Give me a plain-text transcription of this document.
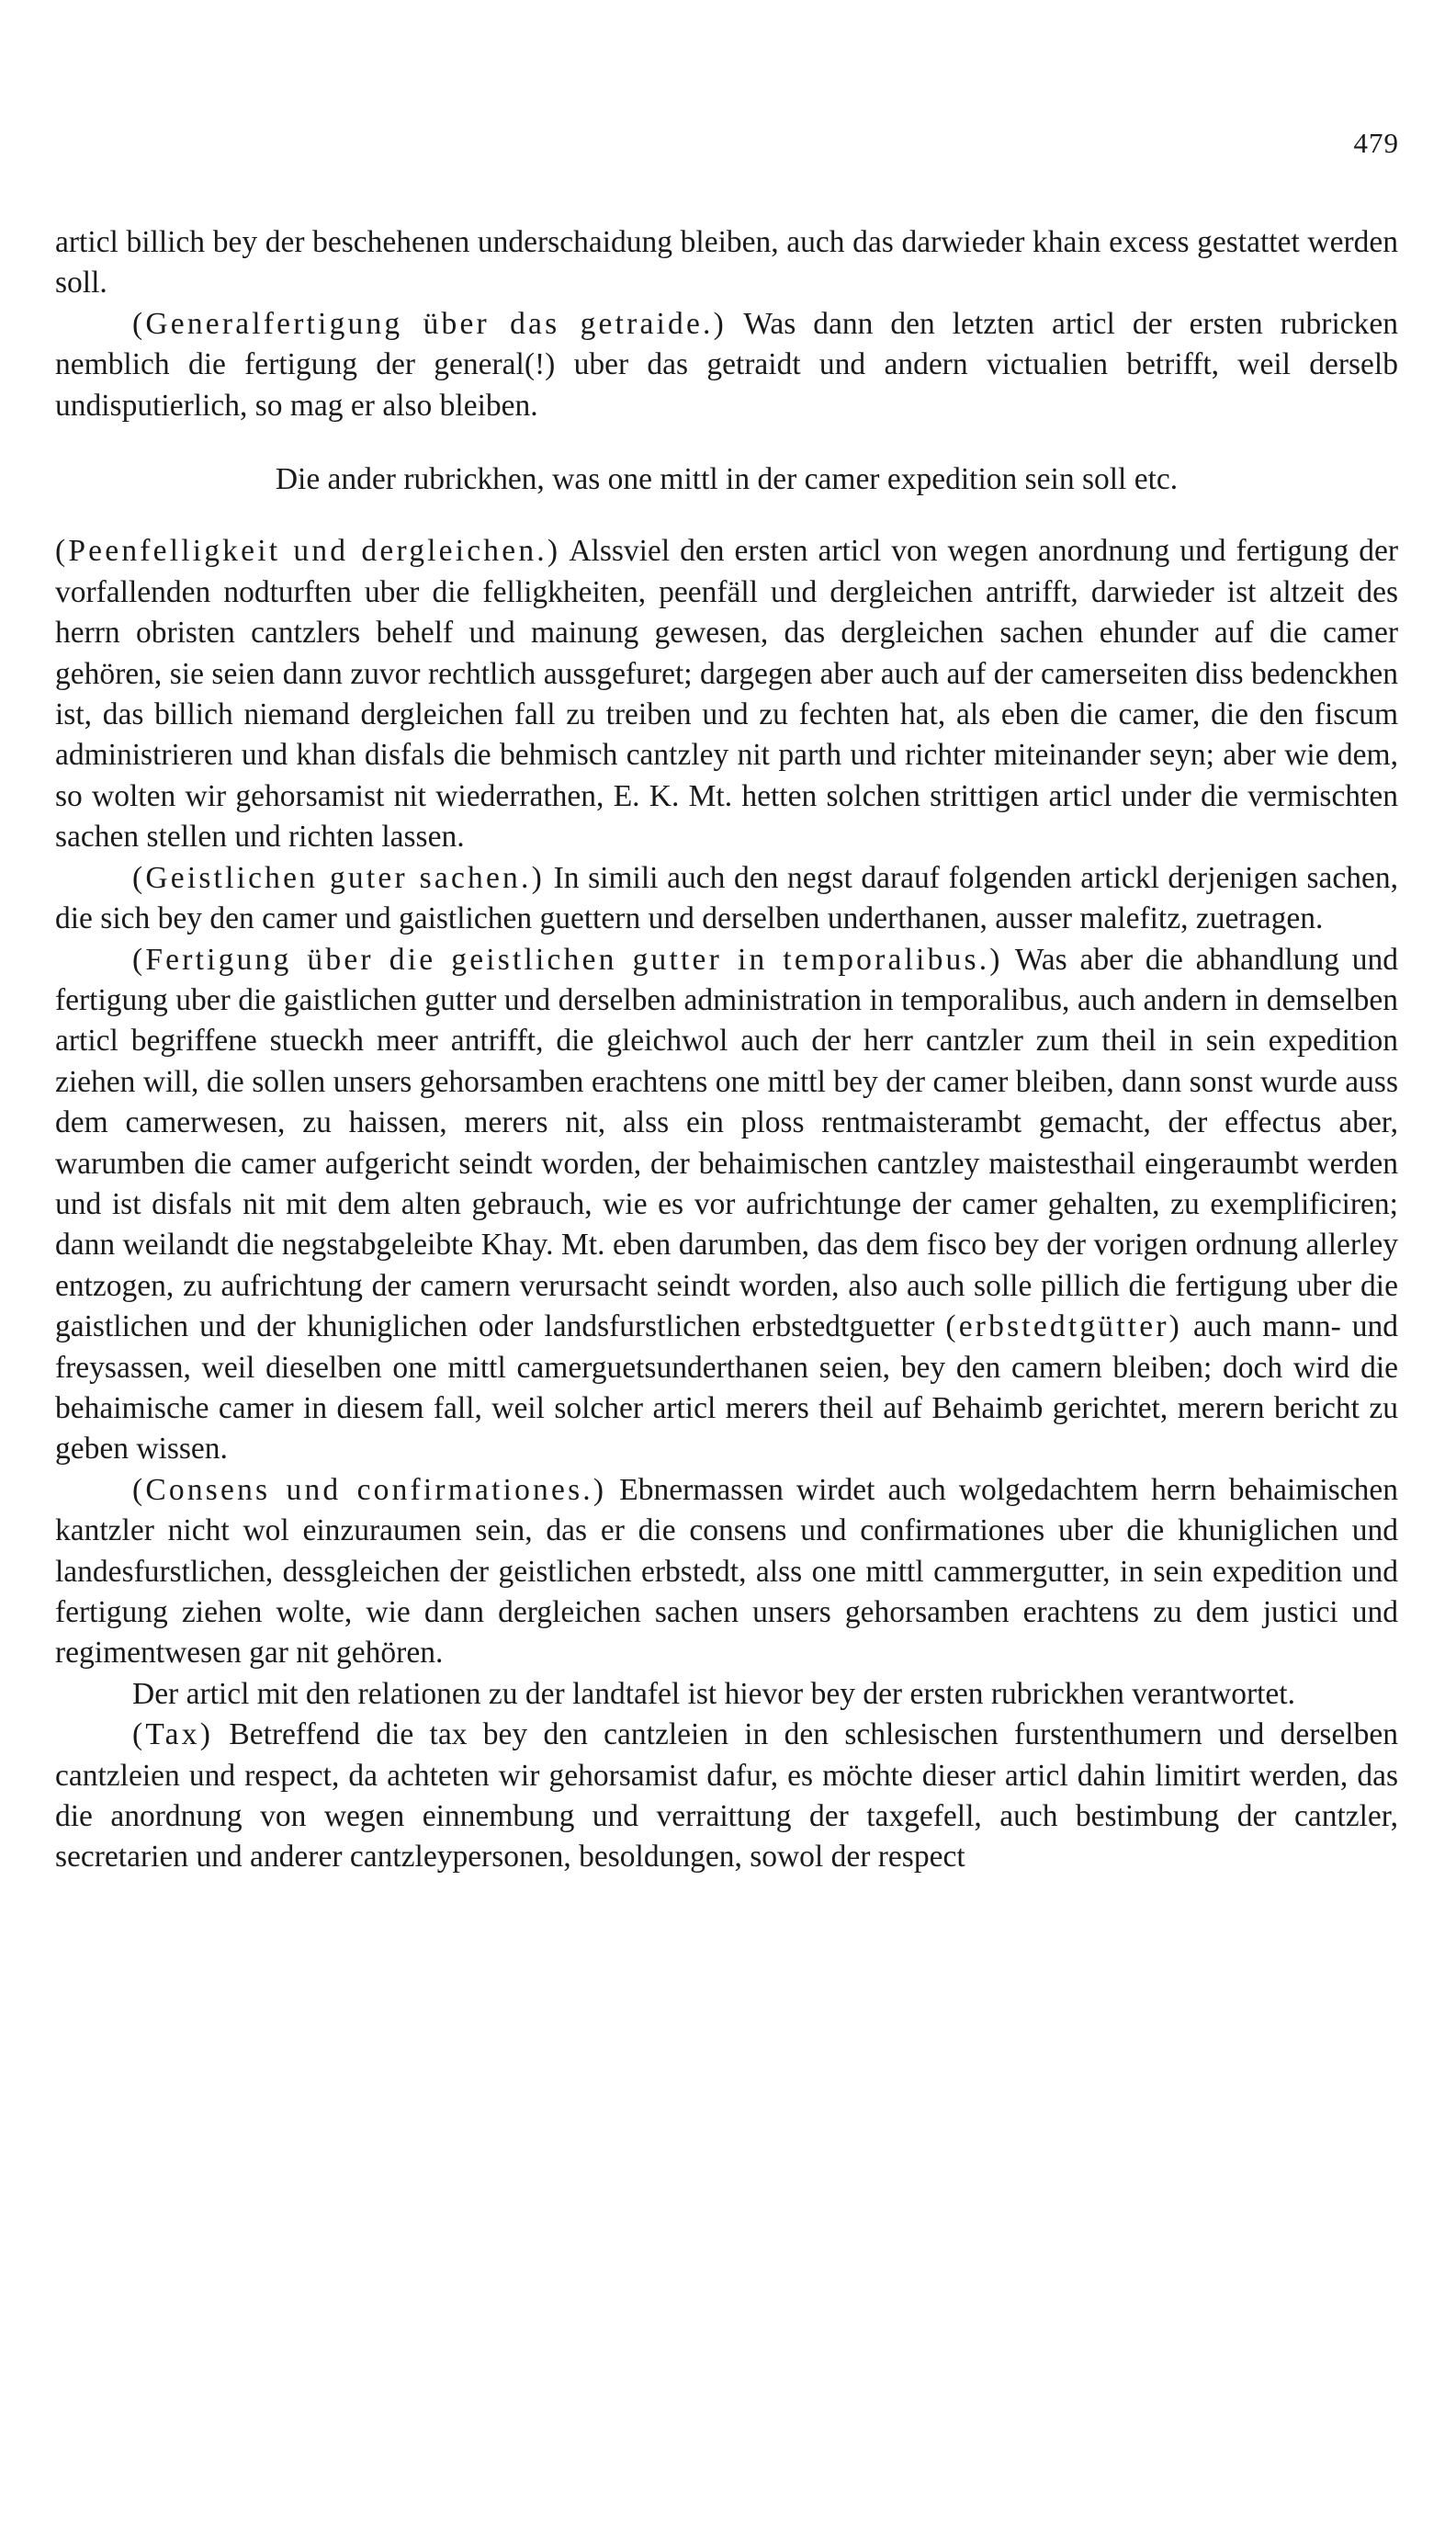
479

articl billich bey der beschehenen underschaidung bleiben, auch das darwieder khain excess gestattet werden soll.

(Generalfertigung über das getraide.) Was dann den letzten articl der ersten rubricken nemblich die fertigung der general(!) uber das getraidt und andern victualien betrifft, weil derselb undisputierlich, so mag er also bleiben.

Die ander rubrickhen, was one mittl in der camer expedition sein soll etc.

(Peenfelligkeit und dergleichen.) Alssviel den ersten articl von wegen anordnung und fertigung der vorfallenden nodturften uber die felligkheiten, peenfäll und dergleichen antrifft, darwieder ist altzeit des herrn obristen cantzlers behelf und mainung gewesen, das dergleichen sachen ehunder auf die camer gehören, sie seien dann zuvor rechtlich aussgefuret; dargegen aber auch auf der camerseiten diss bedenckhen ist, das billich niemand dergleichen fall zu treiben und zu fechten hat, als eben die camer, die den fiscum administrieren und khan disfals die behmisch cantzley nit parth und richter miteinander seyn; aber wie dem, so wolten wir gehorsamist nit wiederrathen, E. K. Mt. hetten solchen strittigen articl under die vermischten sachen stellen und richten lassen.

(Geistlichen guter sachen.) In simili auch den negst darauf folgenden artickl derjenigen sachen, die sich bey den camer und gaistlichen guettern und derselben underthanen, ausser malefitz, zuetragen.

(Fertigung über die geistlichen gutter in temporalibus.) Was aber die abhandlung und fertigung uber die gaistlichen gutter und derselben administration in temporalibus, auch andern in demselben articl begriffene stueckh meer antrifft, die gleichwol auch der herr cantzler zum theil in sein expedition ziehen will, die sollen unsers gehorsamben erachtens one mittl bey der camer bleiben, dann sonst wurde auss dem camerwesen, zu haissen, merers nit, alss ein ploss rentmaisterambt gemacht, der effectus aber, warumben die camer aufgericht seindt worden, der behaimischen cantzley maistesthail eingeraumbt werden und ist disfals nit mit dem alten gebrauch, wie es vor aufrichtunge der camer gehalten, zu exemplificiren; dann weilandt die negstabgeleibte Khay. Mt. eben darumben, das dem fisco bey der vorigen ordnung allerley entzogen, zu aufrichtung der camern verursacht seindt worden, also auch solle pillich die fertigung uber die gaistlichen und der khuniglichen oder landsfurstlichen erbstedtguetter (erbstedtgütter) auch mann- und freysassen, weil dieselben one mittl camerguetsunderthanen seien, bey den camern bleiben; doch wird die behaimische camer in diesem fall, weil solcher articl merers theil auf Behaimb gerichtet, merern bericht zu geben wissen.

(Consens und confirmationes.) Ebnermassen wirdet auch wolgedachtem herrn behaimischen kantzler nicht wol einzuraumen sein, das er die consens und confirmationes uber die khuniglichen und landesfurstlichen, dessgleichen der geistlichen erbstedt, alss one mittl cammergutter, in sein expedition und fertigung ziehen wolte, wie dann dergleichen sachen unsers gehorsamben erachtens zu dem justici und regimentwesen gar nit gehören.

Der articl mit den relationen zu der landtafel ist hievor bey der ersten rubrickhen verantwortet.

(Tax) Betreffend die tax bey den cantzleien in den schlesischen furstenthumern und derselben cantzleien und respect, da achteten wir gehorsamist dafur, es möchte dieser articl dahin limitirt werden, das die anordnung von wegen einnembung und verraittung der taxgefell, auch bestimbung der cantzler, secretarien und anderer cantzleypersonen, besoldungen, sowol der respect
